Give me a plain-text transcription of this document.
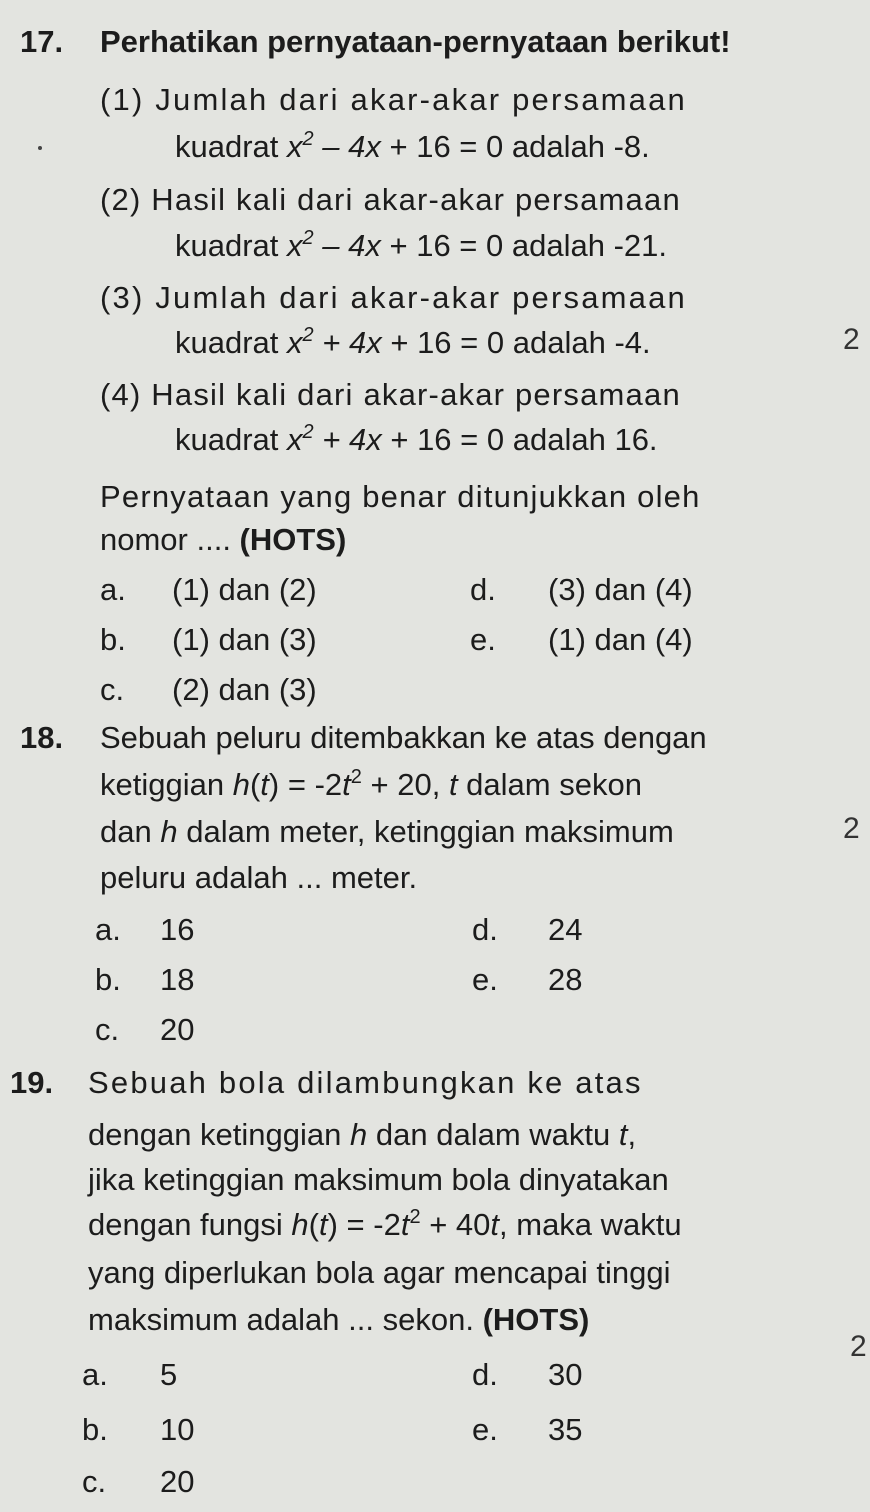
17. Perhatikan pernyataan-pernyataan berikut!
(1) Jumlah dari akar-akar persamaan
kuadrat $x^2 - 4x + 16 = 0$ adalah -8.
(2) Hasil kali dari akar-akar persamaan
kuadrat $x^2 - 4x + 16 = 0$ adalah -21.
(3) Jumlah dari akar-akar persamaan
kuadrat $x^2 + 4x + 16 = 0$ adalah -4.	2
(4) Hasil kali dari akar-akar persamaan
kuadrat $x^2 + 4x + 16 = 0$ adalah 16.
Pernyataan yang benar ditunjukkan oleh
nomor .... (HOTS)
a. (1) dan (2)
b. (1) dan (3)
c. (2) dan (3)
d. (3) dan (4)
e. (1) dan (4)
18. Sebuah peluru ditembakkan ke atas dengan
ketiggian $h(t) = -2t^2 + 20$, t dalam sekon
dan h dalam meter, ketinggian maksimum	2
peluru adalah ... meter.
a. 16
b. 18
c. 20
d. 24
e. 28
19. Sebuah bola dilambungkan ke atas
dengan ketinggian h dan dalam waktu t,
jika ketinggian maksimum bola dinyatakan
dengan fungsi $h(t) = -2t^2 + 40t$, maka waktu
yang diperlukan bola agar mencapai tinggi
maksimum adalah ... sekon. (HOTS)
2
a. 5
b. 10
c. 20
d. 30
e. 35
